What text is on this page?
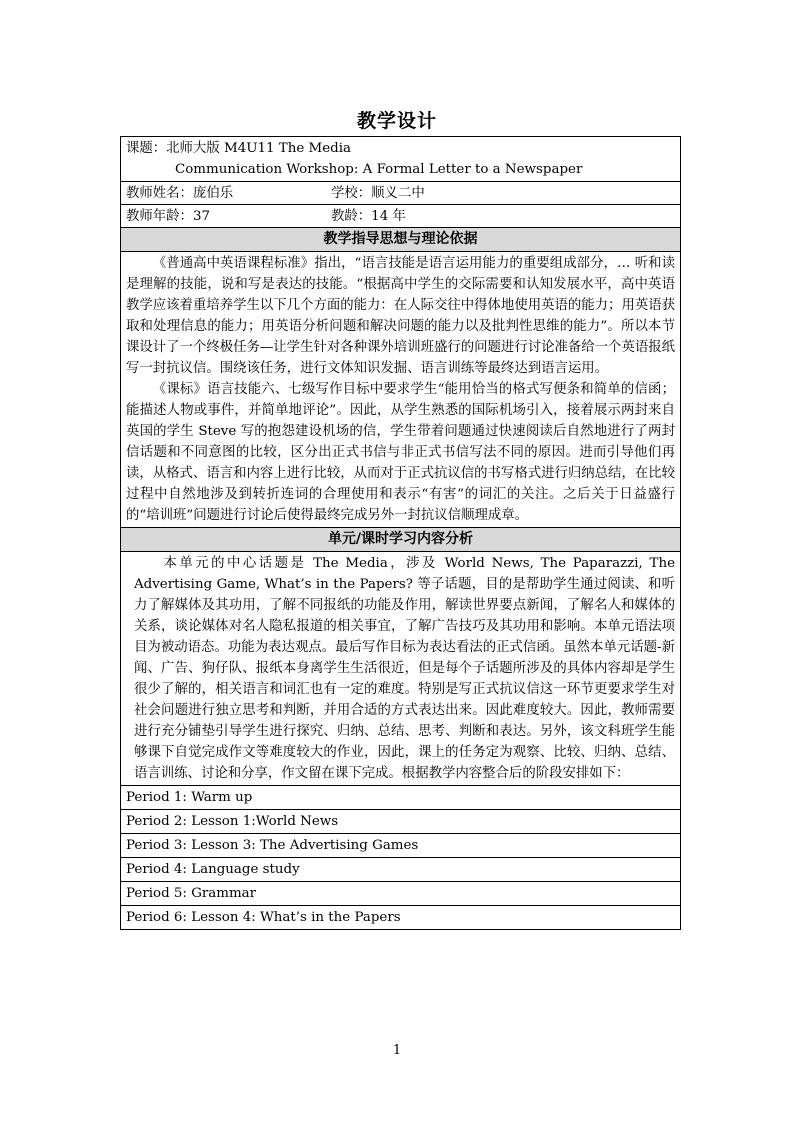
教学设计
课题：北师大版 M4U11 The Media
Communication Workshop: A Formal Letter to a Newspaper

教师姓名：庞伯乐	学校：顺义二中

教师年龄：37	教龄：14 年

教学指导思想与理论依据

《普通高中英语课程标准》指出，“语言技能是语言运用能力的重要组成部分，… 听和读是理解的技能，说和写是表达的技能。“根据高中学生的交际需要和认知发展水平，高中英语教学应该着重培养学生以下几个方面的能力：在人际交往中得体地使用英语的能力；用英语获取和处理信息的能力；用英语分析问题和解决问题的能力以及批判性思维的能力”。所以本节课设计了一个终极任务—让学生针对各种课外培训班盛行的问题进行讨论准备给一个英语报纸写一封抗议信。围绕该任务，进行文体知识发掘、语言训练等最终达到语言运用。

《课标》语言技能六、七级写作目标中要求学生“能用恰当的格式写便条和简单的信函； 能描述人物或事件，并简单地评论”。因此，从学生熟悉的国际机场引入，接着展示两封来自英国的学生 Steve 写的抱怨建设机场的信，学生带着问题通过快速阅读后自然地进行了两封信话题和不同意图的比较，区分出正式书信与非正式书信写法不同的原因。进而引导他们再读，从格式、语言和内容上进行比较，从而对于正式抗议信的书写格式进行归纳总结，在比较过程中自然地涉及到转折连词的合理使用和表示“有害”的词汇的关注。之后关于日益盛行的“培训班”问题进行讨论后使得最终完成另外一封抗议信顺理成章。

单元/课时学习内容分析

本单元的中心话题是 The Media，涉及 World News, The Paparazzi, The Advertising Game, What’s in the Papers? 等子话题，目的是帮助学生通过阅读、和听力了解媒体及其功用，了解不同报纸的功能及作用，解读世界要点新闻，了解名人和媒体的关系，谈论媒体对名人隐私报道的相关事宜，了解广告技巧及其功用和影响。本单元语法项目为被动语态。功能为表达观点。最后写作目标为表达看法的正式信函。虽然本单元话题-新闻、广告、狗仔队、报纸本身离学生生活很近，但是每个子话题所涉及的具体内容却是学生很少了解的，相关语言和词汇也有一定的难度。特别是写正式抗议信这一环节更要求学生对社会问题进行独立思考和判断，并用合适的方式表达出来。因此难度较大。因此，教师需要进行充分铺垫引导学生进行探究、归纳、总结、思考、判断和表达。另外，该文科班学生能够课下自觉完成作文等难度较大的作业，因此，课上的任务定为观察、比较、归纳、总结、语言训练、讨论和分享，作文留在课下完成。根据教学内容整合后的阶段安排如下：

Period 1: Warm up
Period 2: Lesson 1:World News
Period 3: Lesson 3: The Advertising Games
Period 4: Language study
Period 5: Grammar
Period 6: Lesson 4: What’s in the Papers
1
